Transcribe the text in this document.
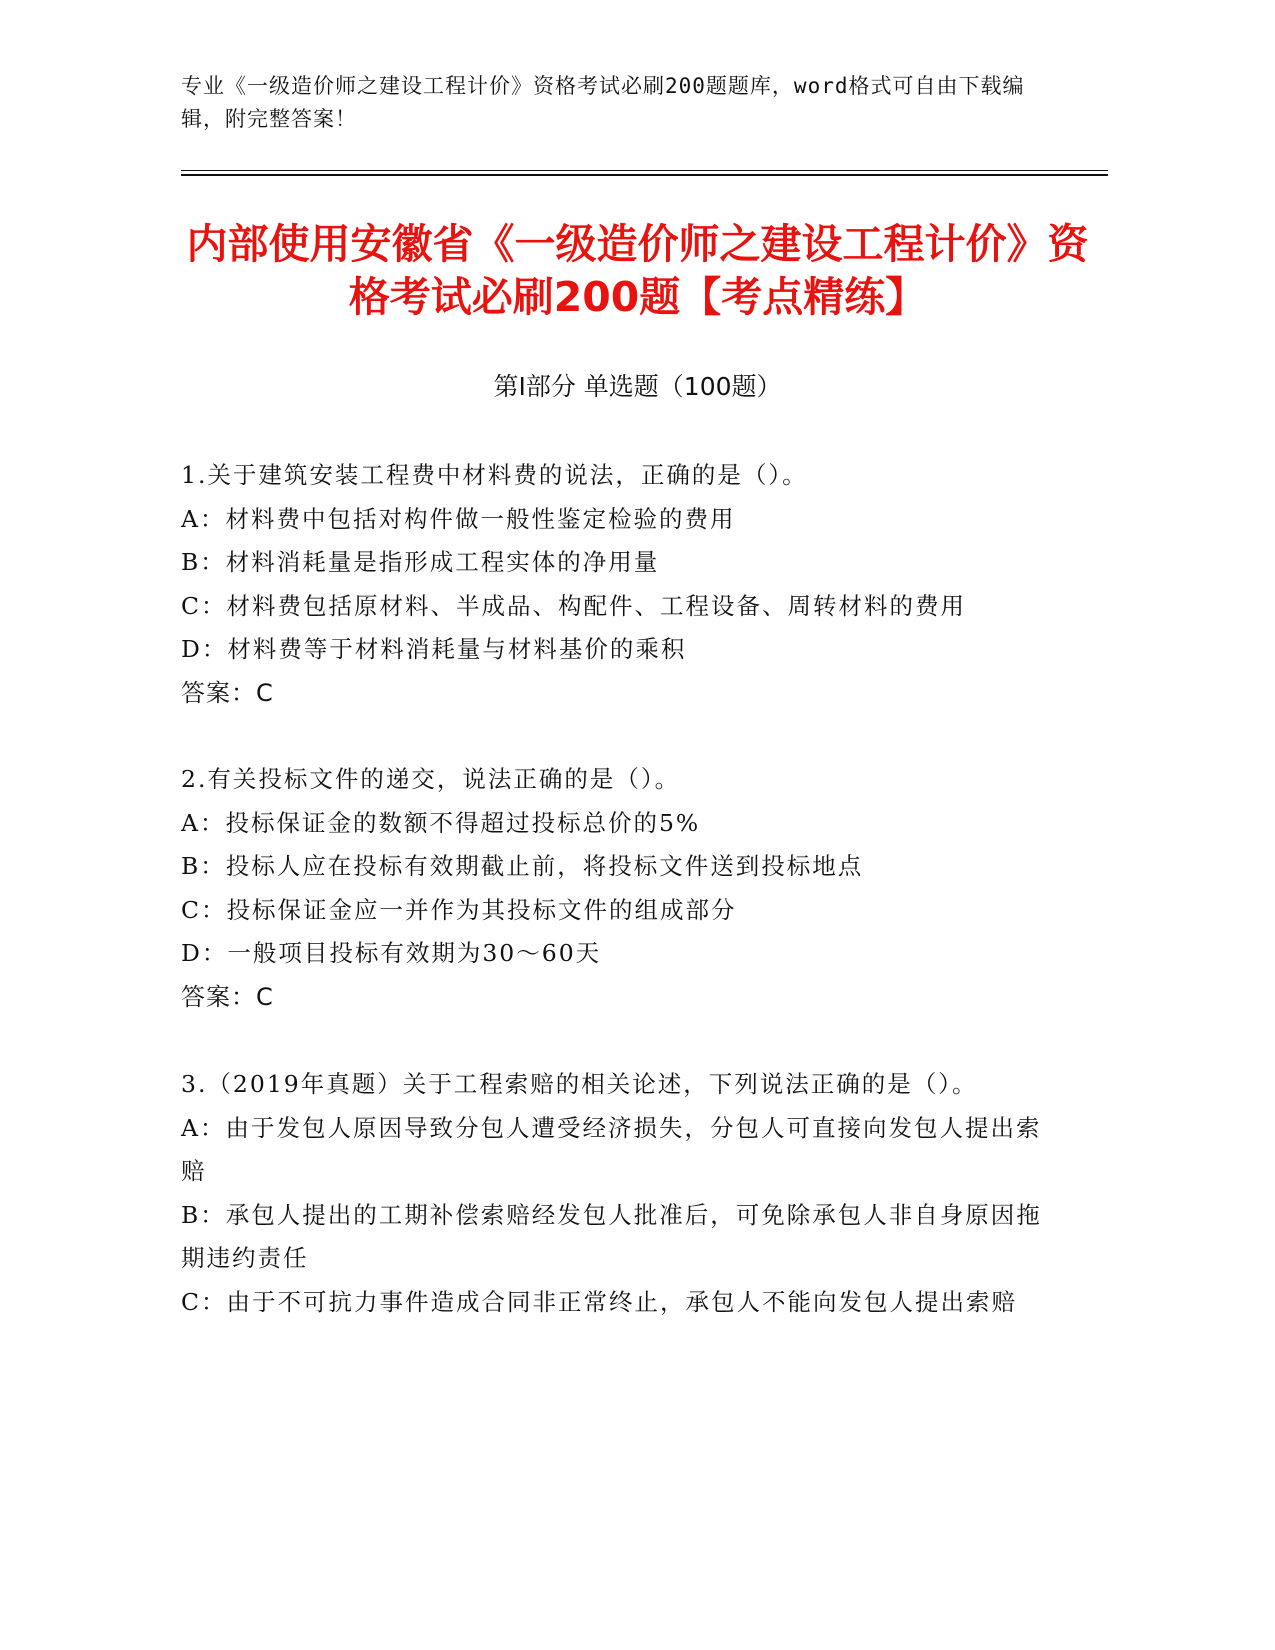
专业《一级造价师之建设工程计价》资格考试必刷200题题库，word格式可自由下载编辑，附完整答案！
内部使用安徽省《一级造价师之建设工程计价》资格考试必刷200题【考点精练】
第Ⅰ部分 单选题（100题）

1.关于建筑安装工程费中材料费的说法，正确的是（）。

A：材料费中包括对构件做一般性鉴定检验的费用

B：材料消耗量是指形成工程实体的净用量

C：材料费包括原材料、半成品、构配件、工程设备、周转材料的费用

D：材料费等于材料消耗量与材料基价的乘积

答案：C

2.有关投标文件的递交，说法正确的是（）。

A：投标保证金的数额不得超过投标总价的5%

B：投标人应在投标有效期截止前，将投标文件送到投标地点

C：投标保证金应一并作为其投标文件的组成部分

D：一般项目投标有效期为30～60天

答案：C

3.（2019年真题）关于工程索赔的相关论述，下列说法正确的是（）。

A：由于发包人原因导致分包人遭受经济损失，分包人可直接向发包人提出索赔

B：承包人提出的工期补偿索赔经发包人批准后，可免除承包人非自身原因拖期违约责任

C：由于不可抗力事件造成合同非正常终止，承包人不能向发包人提出索赔
